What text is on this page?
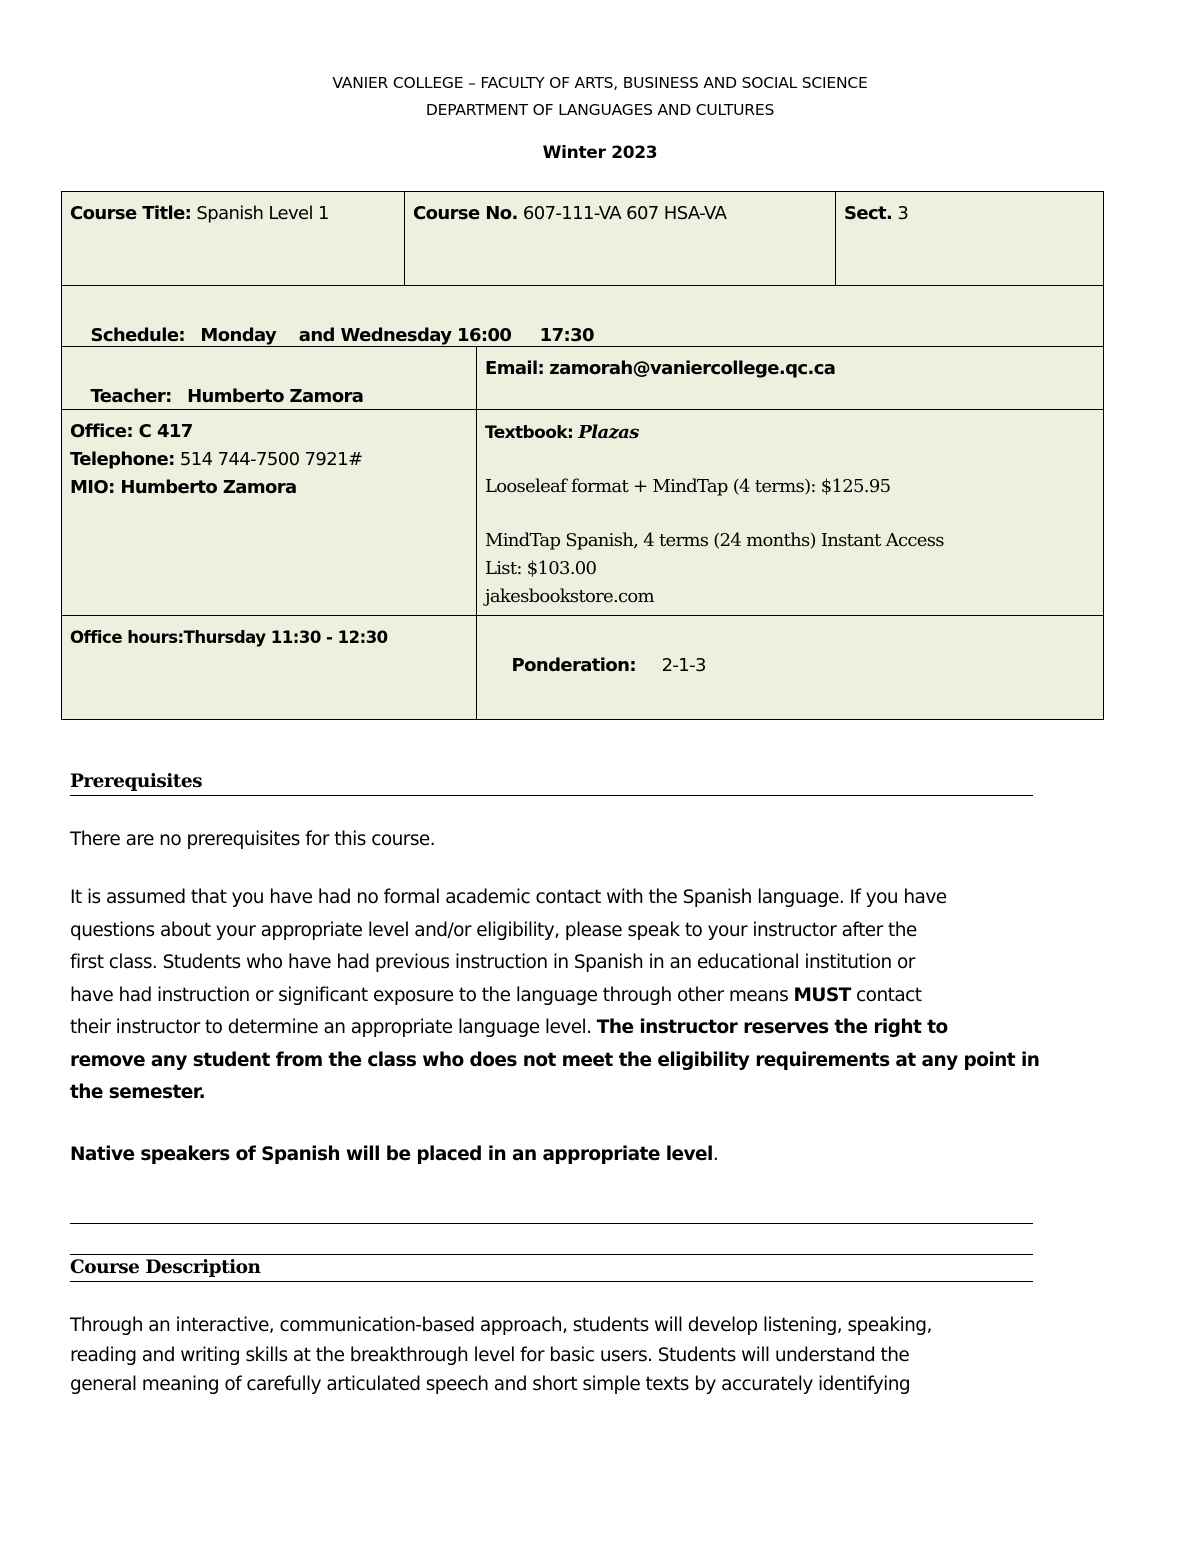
VANIER COLLEGE – FACULTY OF ARTS, BUSINESS AND SOCIAL SCIENCE
DEPARTMENT OF LANGUAGES AND CULTURES
Winter 2023
Course Title: Spanish Level 1	Course No. 607-111-VA 607 HSA-VA	Sect. 3

Schedule: Monday    and Wednesday 16:00     17:30

Teacher: Humberto Zamora

Email: zamorah@vaniercollege.qc.ca
Office: C 417
Telephone: 514 744-7500 7921#
MIO: Humberto Zamora
Textbook: Plazas
Looseleaf format + MindTap (4 terms): $125.95
MindTap Spanish, 4 terms (24 months) Instant Access
List: $103.00
jakesbookstore.com
Office hours:Thursday 11:30 - 12:30

Ponderation: 2-1-3

Prerequisites
There are no prerequisites for this course.
It is assumed that you have had no formal academic contact with the Spanish language. If you have
questions about your appropriate level and/or eligibility, please speak to your instructor after the
first class. Students who have had previous instruction in Spanish in an educational institution or
have had instruction or significant exposure to the language through other means MUST contact
their instructor to determine an appropriate language level. The instructor reserves the right to
remove any student from the class who does not meet the eligibility requirements at any point in
the semester.
Native speakers of Spanish will be placed in an appropriate level.
Course Description
Through an interactive, communication-based approach, students will develop listening, speaking,
reading and writing skills at the breakthrough level for basic users. Students will understand the
general meaning of carefully articulated speech and short simple texts by accurately identifying
